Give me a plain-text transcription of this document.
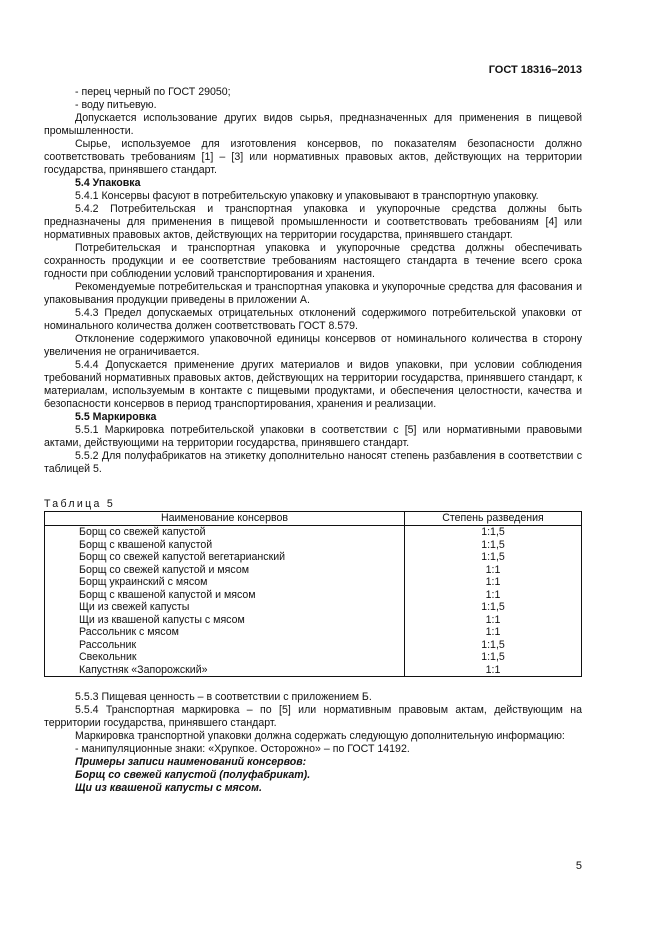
ГОСТ 18316–2013

- перец черный по ГОСТ 29050;

- воду питьевую.

Допускается использование других видов сырья, предназначенных для применения в пищевой промышленности.

Сырье, используемое для изготовления консервов, по показателям безопасности должно соответствовать требованиям [1] – [3] или нормативных правовых актов, действующих на территории государства, принявшего стандарт.

5.4 Упаковка

5.4.1 Консервы фасуют в потребительскую упаковку и упаковывают в транспортную упаковку.

5.4.2 Потребительская и транспортная упаковка и укупорочные средства должны быть предназначены для применения в пищевой промышленности и соответствовать требованиям [4] или нормативных правовых актов, действующих на территории государства, принявшего стандарт.

Потребительская и транспортная упаковка и укупорочные средства должны обеспечивать сохранность продукции и ее соответствие требованиям настоящего стандарта в течение всего срока годности при соблюдении условий транспортирования и хранения.

Рекомендуемые потребительская и транспортная упаковка и укупорочные средства для фасования и упаковывания продукции приведены в приложении А.

5.4.3 Предел допускаемых отрицательных отклонений содержимого потребительской упаковки от номинального количества должен соответствовать ГОСТ 8.579.

Отклонение содержимого упаковочной единицы консервов от номинального количества в сторону увеличения не ограничивается.

5.4.4 Допускается применение других материалов и видов упаковки, при условии соблюдения требований нормативных правовых актов, действующих на территории государства, принявшего стандарт, к материалам, используемым в контакте с пищевыми продуктами, и обеспечения целостности, качества и безопасности консервов в период транспортирования, хранения и реализации.

5.5 Маркировка

5.5.1 Маркировка потребительской упаковки в соответствии с [5] или нормативными правовыми актами, действующими на территории государства, принявшего стандарт.

5.5.2 Для полуфабрикатов на этикетку дополнительно наносят степень разбавления в соответствии с таблицей 5.

Таблица 5
Наименование консервов	Степень разведения
Борщ со свежей капустой	1:1,5
Борщ с квашеной капустой	1:1,5
Борщ со свежей капустой вегетарианский	1:1,5
Борщ со свежей капустой и мясом	1:1
Борщ украинский с мясом	1:1
Борщ с квашеной капустой и мясом	1:1
Щи из свежей капусты	1:1,5
Щи из квашеной капусты с мясом	1:1
Рассольник с мясом	1:1
Рассольник	1:1,5
Свекольник	1:1,5
Капустняк «Запорожский»	1:1

5.5.3 Пищевая ценность – в соответствии с приложением Б.

5.5.4 Транспортная маркировка – по [5] или нормативным правовым актам, действующим на территории государства, принявшего стандарт.

Маркировка транспортной упаковки должна содержать следующую дополнительную информацию:

- манипуляционные знаки: «Хрупкое. Осторожно» – по ГОСТ 14192.

Примеры записи наименований консервов:

Борщ со свежей капустой (полуфабрикат).

Щи из квашеной капусты с мясом.

5
